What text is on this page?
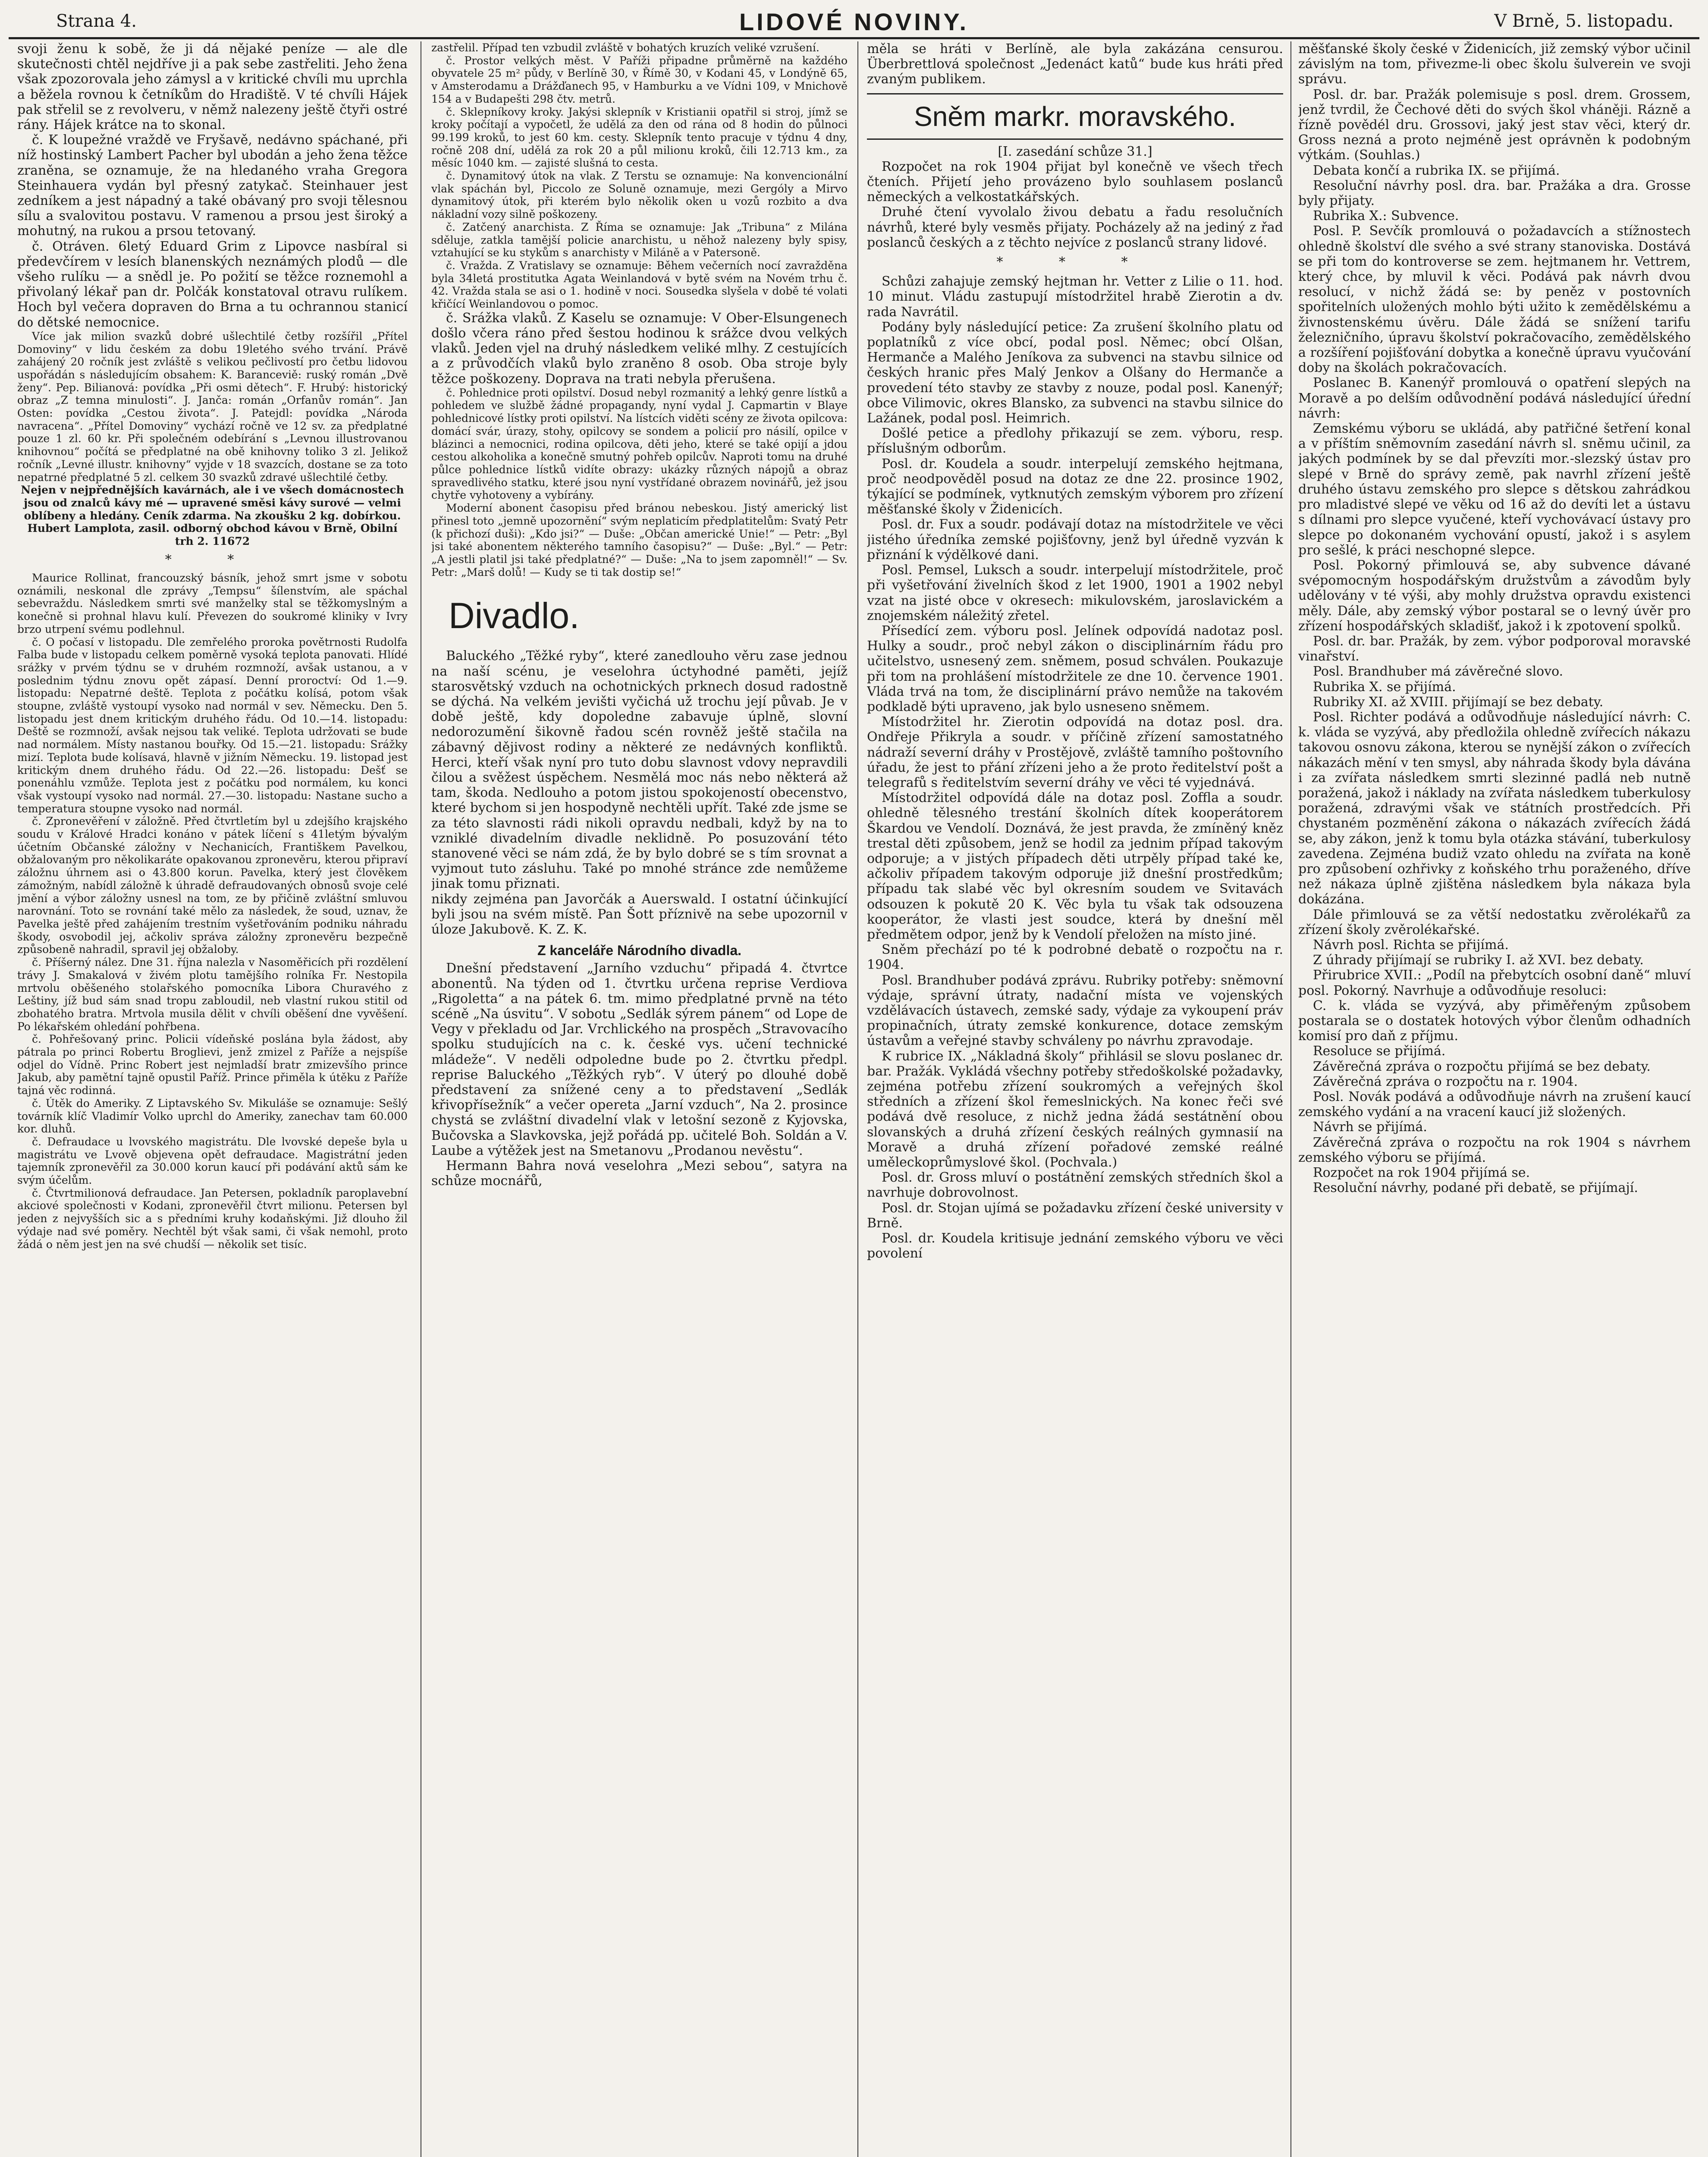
Strana 4.	LIDOVÉ NOVINY.	V Brně, 5. listopadu.

svoji ženu k sobě, že ji dá nějaké peníze — ale dle skutečnosti chtěl nejdříve ji a pak sebe zastřeliti. Jeho žena však zpozorovala jeho zámysl a v kritické chvíli mu uprchla a běžela rovnou k četníkům do Hradiště. V té chvíli Hájek pak střelil se z revolveru, v němž nalezeny ještě čtyři ostré rány. Hájek krátce na to skonal.

č. K loupežné vraždě ve Fryšavě, nedávno spáchané, při níž hostinský Lambert Pacher byl ubodán a jeho žena těžce zraněna, se oznamuje, že na hledaného vraha Gregora Steinhauera vydán byl přesný zatykač. Steinhauer jest zedníkem a jest nápadný a také obávaný pro svoji tělesnou sílu a svalovitou postavu. V ramenou a prsou jest široký a mohutný, na rukou a prsou tetovaný.

č. Otráven. 6letý Eduard Grim z Lipovce nasbíral si předevčírem v lesích blanenských neznámých plodů — dle všeho rulíku — a snědl je. Po požití se těžce roznemohl a přivolaný lékař pan dr. Polčák konstatoval otravu rulíkem. Hoch byl večera dopraven do Brna a tu ochrannou stanicí do dětské nemocnice.

Více jak milion svazků dobré ušlechtilé četby rozšířil „Přítel Domoviny“ v lidu českém za dobu 19letého svého trvání. Právě zahájený 20 ročník jest zvláště s velikou pečlivostí pro četbu lidovou uspořádán s následujícím obsahem: K. Baranceviě: ruský román „Dvě ženy“. Pep. Bilianová: povídka „Při osmi dětech“. F. Hrubý: historický obraz „Z temna minulosti“. J. Janča: román „Orfanův román“. Jan Osten: povídka „Cestou života“. J. Patejdl: povídka „Národa navracena“. „Přítel Domoviny“ vychází ročně ve 12 sv. za předplatné pouze 1 zl. 60 kr. Při společném odebírání s „Levnou illustrovanou knihovnou“ počítá se předplatné na obě knihovny toliko 3 zl. Jelikož ročník „Levné illustr. knihovny“ vyjde v 18 svazcích, dostane se za toto nepatrné předplatné 5 zl. celkem 30 svazků zdravé ušlechtilé četby.

Nejen v nejpřednějších kavárnách, ale i ve všech domácnostech jsou od znalců kávy mé — upravené směsi kávy surové — velmi oblíbeny a hledány. Ceník zdarma. Na zkoušku 2 kg. dobírkou. Hubert Lamplota, zasil. odborný obchod kávou v Brně, Obilní trh 2. 11672

* *

Maurice Rollinat, francouzský básník, jehož smrt jsme v sobotu oznámili, neskonal dle zprávy „Tempsu“ šílenstvím, ale spáchal sebevraždu. Následkem smrti své manželky stal se těžkomyslným a konečně si prohnal hlavu kulí. Převezen do soukromé kliniky v Ivry brzo utrpení svému podlehnul.

č. O počasí v listopadu. Dle zemřelého proroka povětrnosti Rudolfa Falba bude v listopadu celkem poměrně vysoká teplota panovati. Hlídé srážky v prvém týdnu se v druhém rozmnoží, avšak ustanou, a v poslednim týdnu znovu opět zápasí. Denní proroctví: Od 1.—9. listopadu: Nepatrné deště. Teplota z počátku kolísá, potom však stoupne, zvláště vystoupí vysoko nad normál v sev. Německu. Den 5. listopadu jest dnem kritickým druhého řádu. Od 10.—14. listopadu: Deště se rozmnoží, avšak nejsou tak veliké. Teplota udržovati se bude nad normálem. Místy nastanou bouřky. Od 15.—21. listopadu: Srážky mizí. Teplota bude kolísavá, hlavně v jižním Německu. 19. listopad jest kritickým dnem druhého řádu. Od 22.—26. listopadu: Dešť se ponenáhlu vzmůže. Teplota jest z počátku pod normálem, ku konci však vystoupí vysoko nad normál. 27.—30. listopadu: Nastane sucho a temperatura stoupne vysoko nad normál.

č. Zpronevěření v záložně. Před čtvrtletím byl u zdejšího krajského soudu v Králové Hradci konáno v pátek líčení s 41letým bývalým účetním Občanské záložny v Nechanicích, Františkem Pavelkou, obžalovaným pro několikaráte opakovanou zpronevěru, kterou připraví záložnu úhrnem asi o 43.800 korun. Pavelka, který jest člověkem zámožným, nabídl záložně k úhradě defraudovaných obnosů svoje celé jmění a výbor záložny usnesl na tom, ze by přičině zvláštní smluvou narovnání. Toto se rovnání také mělo za následek, že soud, uznav, že Pavelka ještě před zahájením trestním vyšetřováním podniku náhradu škody, osvobodil jej, ačkoliv správa záložny zpronevěru bezpečně způsobeně nahradil, spravil jej obžaloby.

č. Příšerný nález. Dne 31. října nalezla v Nasoměřicích při rozdělení trávy J. Smakalová v živém plotu tamějšího rolníka Fr. Nestopila mrtvolu oběšeného stolařského pomocníka Libora Churavého z Leštiny, jíž bud sám snad tropu zabloudil, neb vlastní rukou stitil od zbohatého bratra. Mrtvola musila dělit v chvíli oběšení dne vyvěšení. Po lékařském ohledání pohřbena.

č. Pohřešovaný princ. Policii vídeňské poslána byla žádost, aby pátrala po princi Robertu Broglievi, jenž zmizel z Paříže a nejspíše odjel do Vídně. Princ Robert jest nejmladší bratr zmizevšího prince Jakub, aby pamětní tajně opustil Paříž. Prince přiměla k útěku z Paříže tajná věc rodinná.

č. Útěk do Ameriky. Z Liptavského Sv. Mikuláše se oznamuje: Sešlý továrník klíč Vladimír Volko uprchl do Ameriky, zanechav tam 60.000 kor. dluhů.

č. Defraudace u lvovského magistrátu. Dle lvovské depeše byla u magistrátu ve Lvově objevena opět defraudace. Magistrátní jeden tajemník zpronevěřil za 30.000 korun kaucí při podávání aktů sám ke svým účelům.

č. Čtvrtmilionová defraudace. Jan Petersen, pokladník paroplavební akciové společnosti v Kodani, zpronevěřil čtvrt milionu. Petersen byl jeden z nejvyšších sic a s předními kruhy kodaňskými. Již dlouho žil výdaje nad své poměry. Nechtěl být však sami, či však nemohl, proto žádá o něm jest jen na své chudší — několik set tisíc.

zastřelil. Případ ten vzbudil zvláště v bohatých kruzích veliké vzrušení.

č. Prostor velkých měst. V Paříži připadne průměrně na každého obyvatele 25 m² půdy, v Berlíně 30, v Římě 30, v Kodani 45, v Londýně 65, v Amsterodamu a Drážďanech 95, v Hamburku a ve Vídni 109, v Mnichově 154 a v Budapešti 298 čtv. metrů.

č. Sklepníkovy kroky. Jakýsi sklepník v Kristianii opatřil si stroj, jímž se kroky počítají a vypočetl, že udělá za den od rána od 8 hodin do půlnoci 99.199 kroků, to jest 60 km. cesty. Sklepník tento pracuje v týdnu 4 dny, ročně 208 dní, udělá za rok 20 a půl milionu kroků, čili 12.713 km., za měsíc 1040 km. — zajisté slušná to cesta.

č. Dynamitový útok na vlak. Z Terstu se oznamuje: Na konvencionální vlak spáchán byl, Piccolo ze Soluně oznamuje, mezi Gergóly a Mirvo dynamitový útok, při kterém bylo několik oken u vozů rozbito a dva nákladní vozy silně poškozeny.

č. Zatčený anarchista. Z Říma se oznamuje: Jak „Tribuna“ z Milána sděluje, zatkla tamější policie anarchistu, u něhož nalezeny byly spisy, vztahující se ku stykům s anarchisty v Miláně a v Patersoně.

č. Vražda. Z Vratislavy se oznamuje: Během večerních nocí zavražděna byla 34letá prostitutka Agata Weinlandová v bytě svém na Novém trhu č. 42. Vražda stala se asi o 1. hodině v noci. Sousedka slyšela v době té volati křičící Weinlandovou o pomoc.

č. Srážka vlaků. Z Kaselu se oznamuje: V Ober-Elsungenech došlo včera ráno před šestou hodinou k srážce dvou velkých vlaků. Jeden vjel na druhý následkem veliké mlhy. Z cestujících a z průvodčích vlaků bylo zraněno 8 osob. Oba stroje byly těžce poškozeny. Doprava na trati nebyla přerušena.

č. Pohlednice proti opilství. Dosud nebyl rozmanitý a lehký genre lístků a pohledem ve službě žádné propagandy, nyní vydal J. Capmartin v Blaye pohlednicové lístky proti opilství. Na lístcích viděti scény ze života opilcova: domácí svár, úrazy, stohy, opilcovy se sondem a policií pro násilí, opilce v blázinci a nemocnici, rodina opilcova, děti jeho, které se také opijí a jdou cestou alkoholika a konečně smutný pohřeb opilcův. Naproti tomu na druhé půlce pohlednice lístků vidíte obrazy: ukázky různých nápojů a obraz spravedlivého statku, které jsou nyní vystřídané obrazem novinářů, jež jsou chytře vyhotoveny a vybírány.

Moderní abonent časopisu před bránou nebeskou. Jistý americký list přinesl toto „jemně upozornění“ svým neplaticím předplatitelům: Svatý Petr (k přichozí duši): „Kdo jsi?“ — Duše: „Občan americké Unie!“ — Petr: „Byl jsi také abonentem některého tamního časopisu?“ — Duše: „Byl.“ — Petr: „A jestli platil jsi také předplatné?“ — Duše: „Na to jsem zapomněl!“ — Sv. Petr: „Marš dolů! — Kudy se ti tak dostip se!“

Divadlo.

Baluckého „Těžké ryby“, které zanedlouho věru zase jednou na naší scénu, je veselohra úctyhodné paměti, jejíž starosvětský vzduch na ochotnických prknech dosud radostně se dýchá. Na velkém jevišti vyčichá už trochu její půvab. Je v době ještě, kdy dopoledne zabavuje úplně, slovní nedorozumění šikovně řadou scén rovněž ještě stačila na zábavný dějivost rodiny a některé ze nedávných konfliktů. Herci, kteří však nyní pro tuto dobu slavnost vdovy nepravdili čilou a svěžest úspěchem. Nesmělá moc nás nebo některá až tam, škoda. Nedlouho a potom jistou spokojeností obecenstvo, které bychom si jen hospodyně nechtěli upřít. Také zde jsme se za této slavnosti rádi nikoli opravdu nedbali, když by na to vzniklé divadelním divadle neklidně. Po posuzování této stanovené věci se nám zdá, že by bylo dobré se s tím srovnat a vyjmout tuto zásluhu. Také po mnohé stránce zde nemůžeme jinak tomu přiznati.

nikdy zejména pan Javorčák a Auerswald. I ostatní účinkující byli jsou na svém místě. Pan Šott příznivě na sebe upozornil v úloze Jakubově. K. Z. K.

Z kanceláře Národního divadla.

Dnešní představení „Jarního vzduchu“ připadá 4. čtvrtce abonentů. Na týden od 1. čtvrtku určena reprise Verdiova „Rigoletta“ a na pátek 6. tm. mimo předplatné prvně na této scéně „Na úsvitu“. V sobotu „Sedlák sýrem pánem“ od Lope de Vegy v překladu od Jar. Vrchlického na prospěch „Stravovacího spolku studujících na c. k. české vys. učení technické mládeže“. V neděli odpoledne bude po 2. čtvrtku předpl. reprise Baluckého „Těžkých ryb“. V úterý po dlouhé době představení za snížené ceny a to představení „Sedlák křivopřísežník“ a večer opereta „Jarní vzduch“, Na 2. prosince chystá se zvláštní divadelní vlak v letošní sezoně z Kyjovska, Bučovska a Slavkovska, jejž pořádá pp. učitelé Boh. Soldán a V. Laube a výtěžek jest na Smetanovu „Prodanou nevěstu“.

Hermann Bahra nová veselohra „Mezi sebou“, satyra na schůze mocnářů,

měla se hráti v Berlíně, ale byla zakázána censurou. Überbrettlová společnost „Jedenáct katů“ bude kus hráti před zvaným publikem.

Sněm markr. moravského.

[I. zasedání schůze 31.]

Rozpočet na rok 1904 přijat byl konečně ve všech třech čteních. Přijetí jeho provázeno bylo souhlasem poslanců německých a velkostatkářských.

Druhé čtení vyvolalo živou debatu a řadu resolučních návrhů, které byly vesměs přijaty. Pocházely až na jediný z řad poslanců českých a z těchto nejvíce z poslanců strany lidové.

* * *

Schůzi zahajuje zemský hejtman hr. Vetter z Lilie o 11. hod. 10 minut. Vládu zastupují místodržitel hrabě Zierotin a dv. rada Navrátil.

Podány byly následující petice: Za zrušení školního platu od poplatníků z více obcí, podal posl. Němec; obcí Olšan, Hermanče a Malého Jeníkova za subvenci na stavbu silnice od českých hranic přes Malý Jenkov a Olšany do Hermanče a provedení této stavby ze stavby z nouze, podal posl. Kanenýř; obce Vilimovic, okres Blansko, za subvenci na stavbu silnice do Lažánek, podal posl. Heimrich.

Došlé petice a předlohy přikazují se zem. výboru, resp. příslušným odborům.

Posl. dr. Koudela a soudr. interpelují zemského hejtmana, proč neodpověděl posud na dotaz ze dne 22. prosince 1902, týkající se podmínek, vytknutých zemským výborem pro zřízení měšťanské školy v Židenicích.

Posl. dr. Fux a soudr. podávají dotaz na místodržitele ve věci jistého úředníka zemské pojišťovny, jenž byl úředně vyzván k přiznání k výdělkové dani.

Posl. Pemsel, Luksch a soudr. interpelují místodržitele, proč při vyšetřování živelních škod z let 1900, 1901 a 1902 nebyl vzat na jisté obce v okresech: mikulovském, jaroslavickém a znojemském náležitý zřetel.

Přísedící zem. výboru posl. Jelínek odpovídá nadotaz posl. Hulky a soudr., proč nebyl zákon o disciplinárním řádu pro učitelstvo, usnesený zem. sněmem, posud schválen. Poukazuje při tom na prohlášení místodržitele ze dne 10. července 1901. Vláda trvá na tom, že disciplinární právo nemůže na takovém podkladě býti upraveno, jak bylo usneseno sněmem.

Místodržitel hr. Zierotin odpovídá na dotaz posl. dra. Ondřeje Přikryla a soudr. v příčině zřízení samostatného nádraží severní dráhy v Prostějově, zvláště tamního poštovního úřadu, že jest to přání zřízeni jeho a že proto ředitelství pošt a telegrafů s ředitelstvím severní dráhy ve věci té vyjednává.

Místodržitel odpovídá dále na dotaz posl. Zoffla a soudr. ohledně tělesného trestání školních dítek kooperátorem Škardou ve Vendolí. Doznává, že jest pravda, že zmíněný kněz trestal děti způsobem, jenž se hodil za jednim případ takovým odporuje; a v jistých případech děti utrpěly případ také ke, ačkoliv případem takovým odporuje již dnešní prostředkům; případu tak slabé věc byl okresním soudem ve Svitavách odsouzen k pokutě 20 K. Věc byla tu však tak odsouzena kooperátor, že vlasti jest soudce, která by dnešní měl předmětem odpor, jenž by k Vendolí přeložen na místo jiné.

Sněm přechází po té k podrobné debatě o rozpočtu na r. 1904.

Posl. Brandhuber podává zprávu. Rubriky potřeby: sněmovní výdaje, správní útraty, nadační místa ve vojenských vzdělávacích ústavech, zemské sady, výdaje za vykoupení práv propinačních, útraty zemské konkurence, dotace zemským ústavům a veřejné stavby schváleny po návrhu zpravodaje.

K rubrice IX. „Nákladná školy“ přihlásil se slovu poslanec dr. bar. Pražák. Vykládá všechny potřeby středoškolské požadavky, zejména potřebu zřízení soukromých a veřejných škol středních a zřízení škol řemeslnických. Na konec řeči své podává dvě resoluce, z nichž jedna žádá sestátnění obou slovanských a druhá zřízení českých reálných gymnasií na Moravě a druhá zřízení pořadové zemské reálné uměleckoprůmyslové škol. (Pochvala.)

Posl. dr. Gross mluví o postátnění zemských středních škol a navrhuje dobrovolnost.

Posl. dr. Stojan ujímá se požadavku zřízení české university v Brně.

Posl. dr. Koudela kritisuje jednání zemského výboru ve věci povolení

měšťanské školy české v Židenicích, již zemský výbor učinil závislým na tom, přivezme-li obec školu šulverein ve svoji správu.

Posl. dr. bar. Pražák polemisuje s posl. drem. Grossem, jenž tvrdil, že Čechové děti do svých škol vháněji. Rázně a řízně povědél dru. Grossovi, jaký jest stav věci, který dr. Gross nezná a proto nejméně jest oprávněn k podobným výtkám. (Souhlas.)

Debata končí a rubrika IX. se přijímá.

Resoluční návrhy posl. dra. bar. Pražáka a dra. Grosse byly přijaty.

Rubrika X.: Subvence.

Posl. P. Sevčík promlouvá o požadavcích a stížnostech ohledně školství dle svého a své strany stanoviska. Dostává se při tom do kontroverse se zem. hejtmanem hr. Vettrem, který chce, by mluvil k věci. Podává pak návrh dvou resolucí, v nichž žádá se: by peněz v postovních spořitelních uložených mohlo býti užito k zemědělskému a živnostenskému úvěru. Dále žádá se snížení tarifu železničního, úpravu školství pokračovacího, zemědělského a rozšíření pojišťování dobytka a konečně úpravu vyučování doby na školách pokračovacích.

Poslanec B. Kanenýř promlouvá o opatření slepých na Moravě a po delším odůvodnění podává následující úřední návrh:

Zemskému výboru se ukládá, aby patřičné šetření konal a v příštím sněmovním zasedání návrh sl. sněmu učinil, za jakých podmínek by se dal převzíti mor.-slezský ústav pro slepé v Brně do správy země, pak navrhl zřízení ještě druhého ústavu zemského pro slepce s dětskou zahrádkou pro mladistvé slepé ve věku od 16 až do devíti let a ústavu s dílnami pro slepce vyučené, kteří vychovávací ústavy pro slepce po dokonaném vychování opustí, jakož i s asylem pro sešlé, k práci neschopné slepce.

Posl. Pokorný přimlouvá se, aby subvence dávané svépomocným hospodářským družstvům a závodům byly udělovány v té výši, aby mohly družstva opravdu existenci měly. Dále, aby zemský výbor postaral se o levný úvěr pro zřízení hospodářských skladišť, jakož i k zpotovení spolků.

Posl. dr. bar. Pražák, by zem. výbor podporoval moravské vinařství.

Posl. Brandhuber má závěrečné slovo.

Rubrika X. se přijímá.

Rubriky XI. až XVIII. přijímají se bez debaty.

Posl. Richter podává a odůvodňuje následující návrh: C. k. vláda se vyzývá, aby předložila ohledně zvířecích nákazu takovou osnovu zákona, kterou se nynější zákon o zvířecích nákazách mění v ten smysl, aby náhrada škody byla dávána i za zvířata následkem smrti slezinné padlá neb nutně poražená, jakož i náklady na zvířata následkem tuberkulosy poražená, zdravými však ve státních prostředcích. Při chystaném pozměnění zákona o nákazách zvířecích žádá se, aby zákon, jenž k tomu byla otázka stávání, tuberkulosy zavedena. Zejména budiž vzato ohledu na zvířata na koně pro způsobení ozhřivky z koňského trhu poraženého, dříve než nákaza úplně zjištěna následkem byla nákaza byla dokázána.

Dále přimlouvá se za větší nedostatku zvěrolékařů za zřízení školy zvěrolékařské.

Návrh posl. Richta se přijímá.

Z úhrady přijímají se rubriky I. až XVI. bez debaty.

Přirubrice XVII.: „Podíl na přebytcích osobní daně“ mluví posl. Pokorný. Navrhuje a odůvodňuje resoluci:

C. k. vláda se vyzývá, aby přiměřeným způsobem postarala se o dostatek hotových výbor členům odhadních komisí pro daň z příjmu.

Resoluce se přijímá.

Závěrečná zpráva o rozpočtu přijímá se bez debaty.

Závěrečná zpráva o rozpočtu na r. 1904.

Posl. Novák podává a odůvodňuje návrh na zrušení kaucí zemského vydání a na vracení kaucí již složených.

Návrh se přijímá.

Závěrečná zpráva o rozpočtu na rok 1904 s návrhem zemského výboru se přijímá.

Rozpočet na rok 1904 přijímá se.

Resoluční návrhy, podané při debatě, se přijímají.
